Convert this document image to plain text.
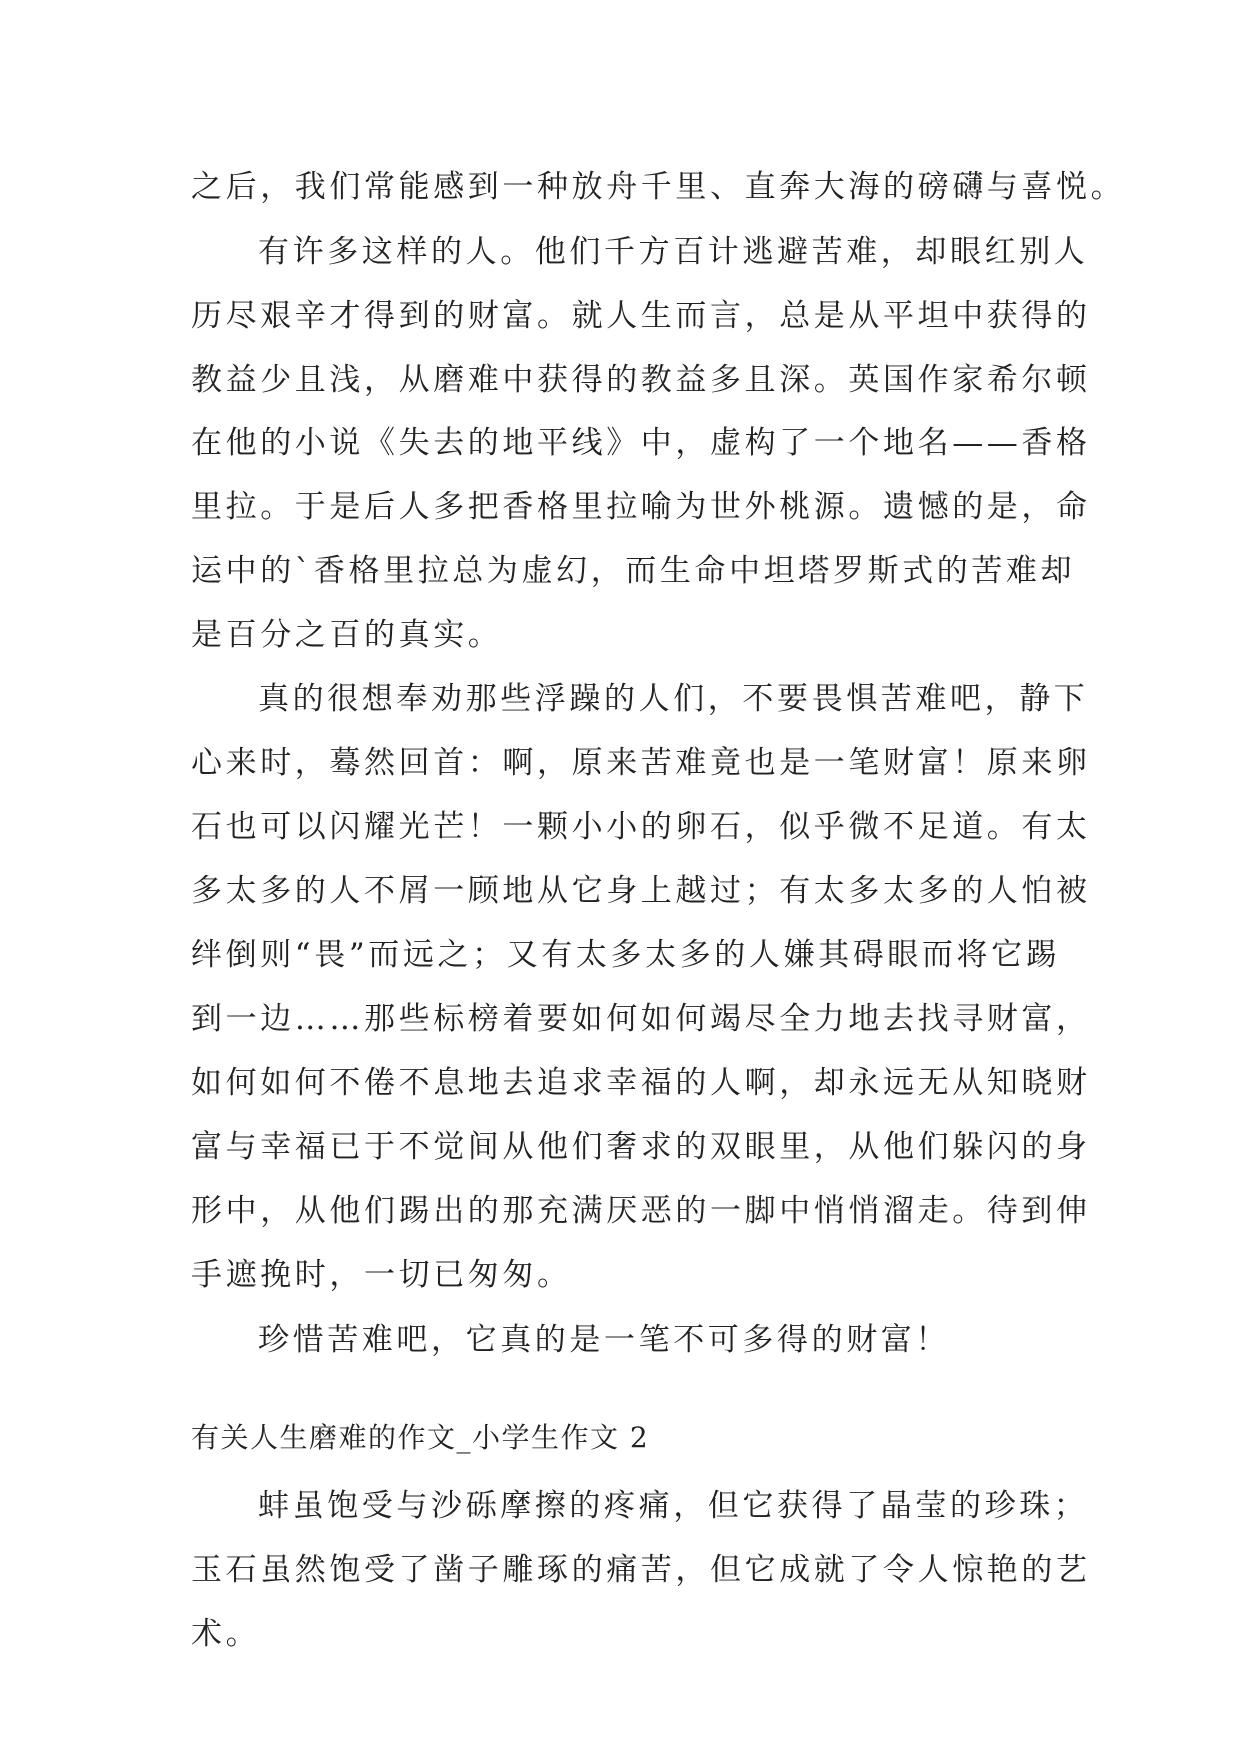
之后，我们常能感到一种放舟千里、直奔大海的磅礴与喜悦。
有许多这样的人。他们千方百计逃避苦难，却眼红别人
历尽艰辛才得到的财富。就人生而言，总是从平坦中获得的
教益少且浅，从磨难中获得的教益多且深。英国作家希尔顿
在他的小说《失去的地平线》中，虚构了一个地名——香格
里拉。于是后人多把香格里拉喻为世外桃源。遗憾的是，命
运中的`香格里拉总为虚幻，而生命中坦塔罗斯式的苦难却
是百分之百的真实。
真的很想奉劝那些浮躁的人们，不要畏惧苦难吧，静下
心来时，蓦然回首：啊，原来苦难竟也是一笔财富！原来卵
石也可以闪耀光芒！一颗小小的卵石，似乎微不足道。有太
多太多的人不屑一顾地从它身上越过；有太多太多的人怕被
绊倒则“畏”而远之；又有太多太多的人嫌其碍眼而将它踢
到一边……那些标榜着要如何如何竭尽全力地去找寻财富，
如何如何不倦不息地去追求幸福的人啊，却永远无从知晓财
富与幸福已于不觉间从他们奢求的双眼里，从他们躲闪的身
形中，从他们踢出的那充满厌恶的一脚中悄悄溜走。待到伸
手遮挽时，一切已匆匆。
珍惜苦难吧，它真的是一笔不可多得的财富！
有关人生磨难的作文_小学生作文 2
蚌虽饱受与沙砾摩擦的疼痛，但它获得了晶莹的珍珠；
玉石虽然饱受了凿子雕琢的痛苦，但它成就了令人惊艳的艺
术。
